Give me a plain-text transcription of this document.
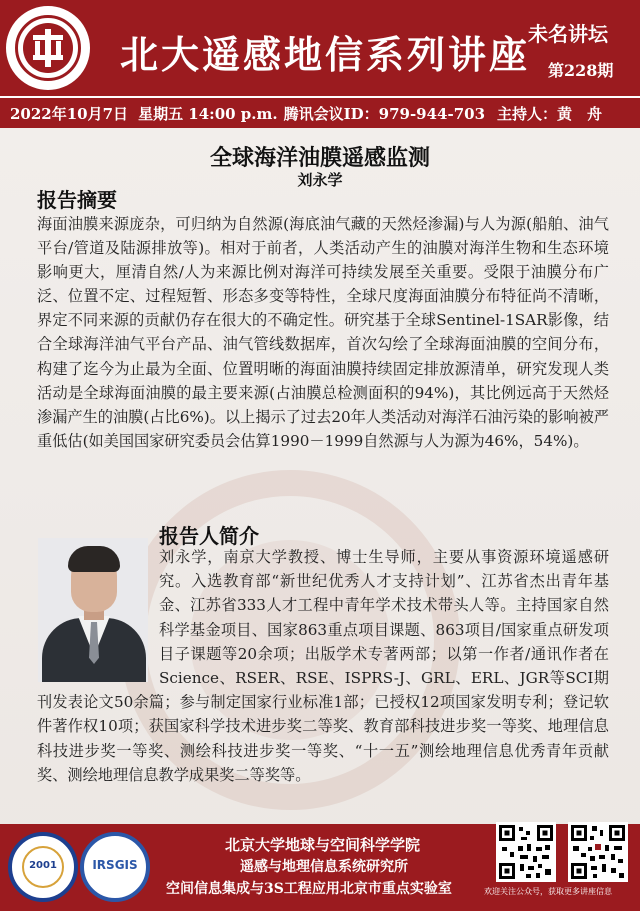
北大遥感地信系列讲座
未名讲坛
第228期
2022年10月7日 星期五 14:00 p.m. 腾讯会议ID：979-944-703 主持人：黄　舟
全球海洋油膜遥感监测
刘永学
报告摘要
海面油膜来源庞杂，可归纳为自然源(海底油气藏的天然烃渗漏)与人为源(船舶、油气平台/管道及陆源排放等)。相对于前者，人类活动产生的油膜对海洋生物和生态环境影响更大，厘清自然/人为来源比例对海洋可持续发展至关重要。受限于油膜分布广泛、位置不定、过程短暂、形态多变等特性，全球尺度海面油膜分布特征尚不清晰，界定不同来源的贡献仍存在很大的不确定性。研究基于全球Sentinel-1SAR影像，结合全球海洋油气平台产品、油气管线数据库，首次勾绘了全球海面油膜的空间分布，构建了迄今为止最为全面、位置明晰的海面油膜持续固定排放源清单，研究发现人类活动是全球海面油膜的最主要来源(占油膜总检测面积的94%)，其比例远高于天然烃渗漏产生的油膜(占比6%)。以上揭示了过去20年人类活动对海洋石油污染的影响被严重低估(如美国国家研究委员会估算1990－1999自然源与人为源为46%，54%)。
报告人简介
刘永学，南京大学教授、博士生导师，主要从事资源环境遥感研究。入选教育部“新世纪优秀人才支持计划”、江苏省杰出青年基金、江苏省333人才工程中青年学术技术带头人等。主持国家自然科学基金项目、国家863重点项目课题、863项目/国家重点研发项目子课题等20余项；出版学术专著两部；以第一作者/通讯作者在Science、RSER、RSE、ISPRS-J、GRL、ERL、JGR等SCI期刊发表论文50余篇；参与制定国家行业标准1部；已授权12项国家发明专利；登记软件著作权10项；获国家科学技术进步奖二等奖、教育部科技进步奖一等奖、地理信息科技进步奖一等奖、测绘科技进步奖一等奖、“十一五”测绘地理信息优秀青年贡献奖、测绘地理信息教学成果奖二等奖等。
2001	IRSGIS
北京大学地球与空间科学学院
遥感与地理信息系统研究所
空间信息集成与3S工程应用北京市重点实验室	欢迎关注公众号，获取更多讲座信息
